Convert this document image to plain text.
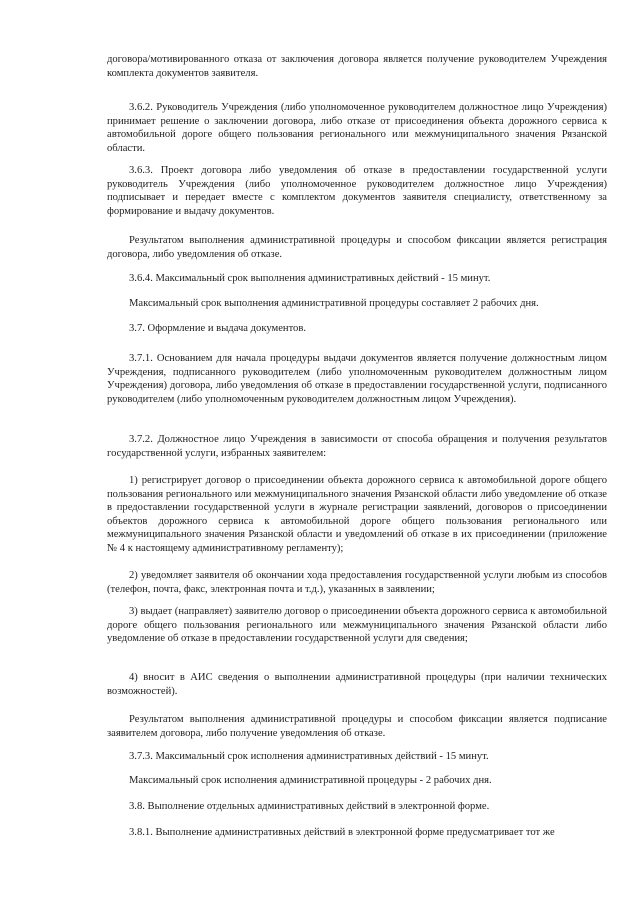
договора/мотивированного отказа от заключения договора является получение руководителем Учреждения комплекта документов заявителя.

3.6.2. Руководитель Учреждения (либо уполномоченное руководителем должностное лицо Учреждения) принимает решение о заключении договора, либо отказе от присоединения объекта дорожного сервиса к автомобильной дороге общего пользования регионального или межмуниципального значения Рязанской области.

3.6.3. Проект договора либо уведомления об отказе в предоставлении государственной услуги руководитель Учреждения (либо уполномоченное руководителем должностное лицо Учреждения) подписывает и передает вместе с комплектом документов заявителя специалисту, ответственному за формирование и выдачу документов.

Результатом выполнения административной процедуры и способом фиксации является регистрация договора, либо уведомления об отказе.

3.6.4. Максимальный срок выполнения административных действий - 15 минут.

Максимальный срок выполнения административной процедуры составляет 2 рабочих дня.

3.7. Оформление и выдача документов.

3.7.1. Основанием для начала процедуры выдачи документов является получение должностным лицом Учреждения, подписанного руководителем (либо уполномоченным руководителем должностным лицом Учреждения) договора, либо уведомления об отказе в предоставлении государственной услуги, подписанного руководителем (либо уполномоченным руководителем должностным лицом Учреждения).

3.7.2. Должностное лицо Учреждения в зависимости от способа обращения и получения результатов государственной услуги, избранных заявителем:

1) регистрирует договор о присоединении объекта дорожного сервиса к автомобильной дороге общего пользования регионального или межмуниципального значения Рязанской области либо уведомление об отказе в предоставлении государственной услуги в журнале регистрации заявлений, договоров о присоединении объектов дорожного сервиса к автомобильной дороге общего пользования регионального или межмуниципального значения Рязанской области и уведомлений об отказе в их присоединении (приложение № 4 к настоящему административному регламенту);

2) уведомляет заявителя об окончании хода предоставления государственной услуги любым из способов (телефон, почта, факс, электронная почта и т.д.), указанных в заявлении;

3) выдает (направляет) заявителю договор о присоединении объекта дорожного сервиса к автомобильной дороге общего пользования регионального или межмуниципального значения Рязанской области либо уведомление об отказе в предоставлении государственной услуги для сведения;

4) вносит в АИС сведения о выполнении административной процедуры (при наличии технических возможностей).

Результатом выполнения административной процедуры и способом фиксации является подписание заявителем договора, либо получение уведомления об отказе.

3.7.3. Максимальный срок исполнения административных действий - 15 минут.

Максимальный срок исполнения административной процедуры - 2 рабочих дня.

3.8. Выполнение отдельных административных действий в электронной форме.

3.8.1. Выполнение административных действий в электронной форме предусматривает тот же
